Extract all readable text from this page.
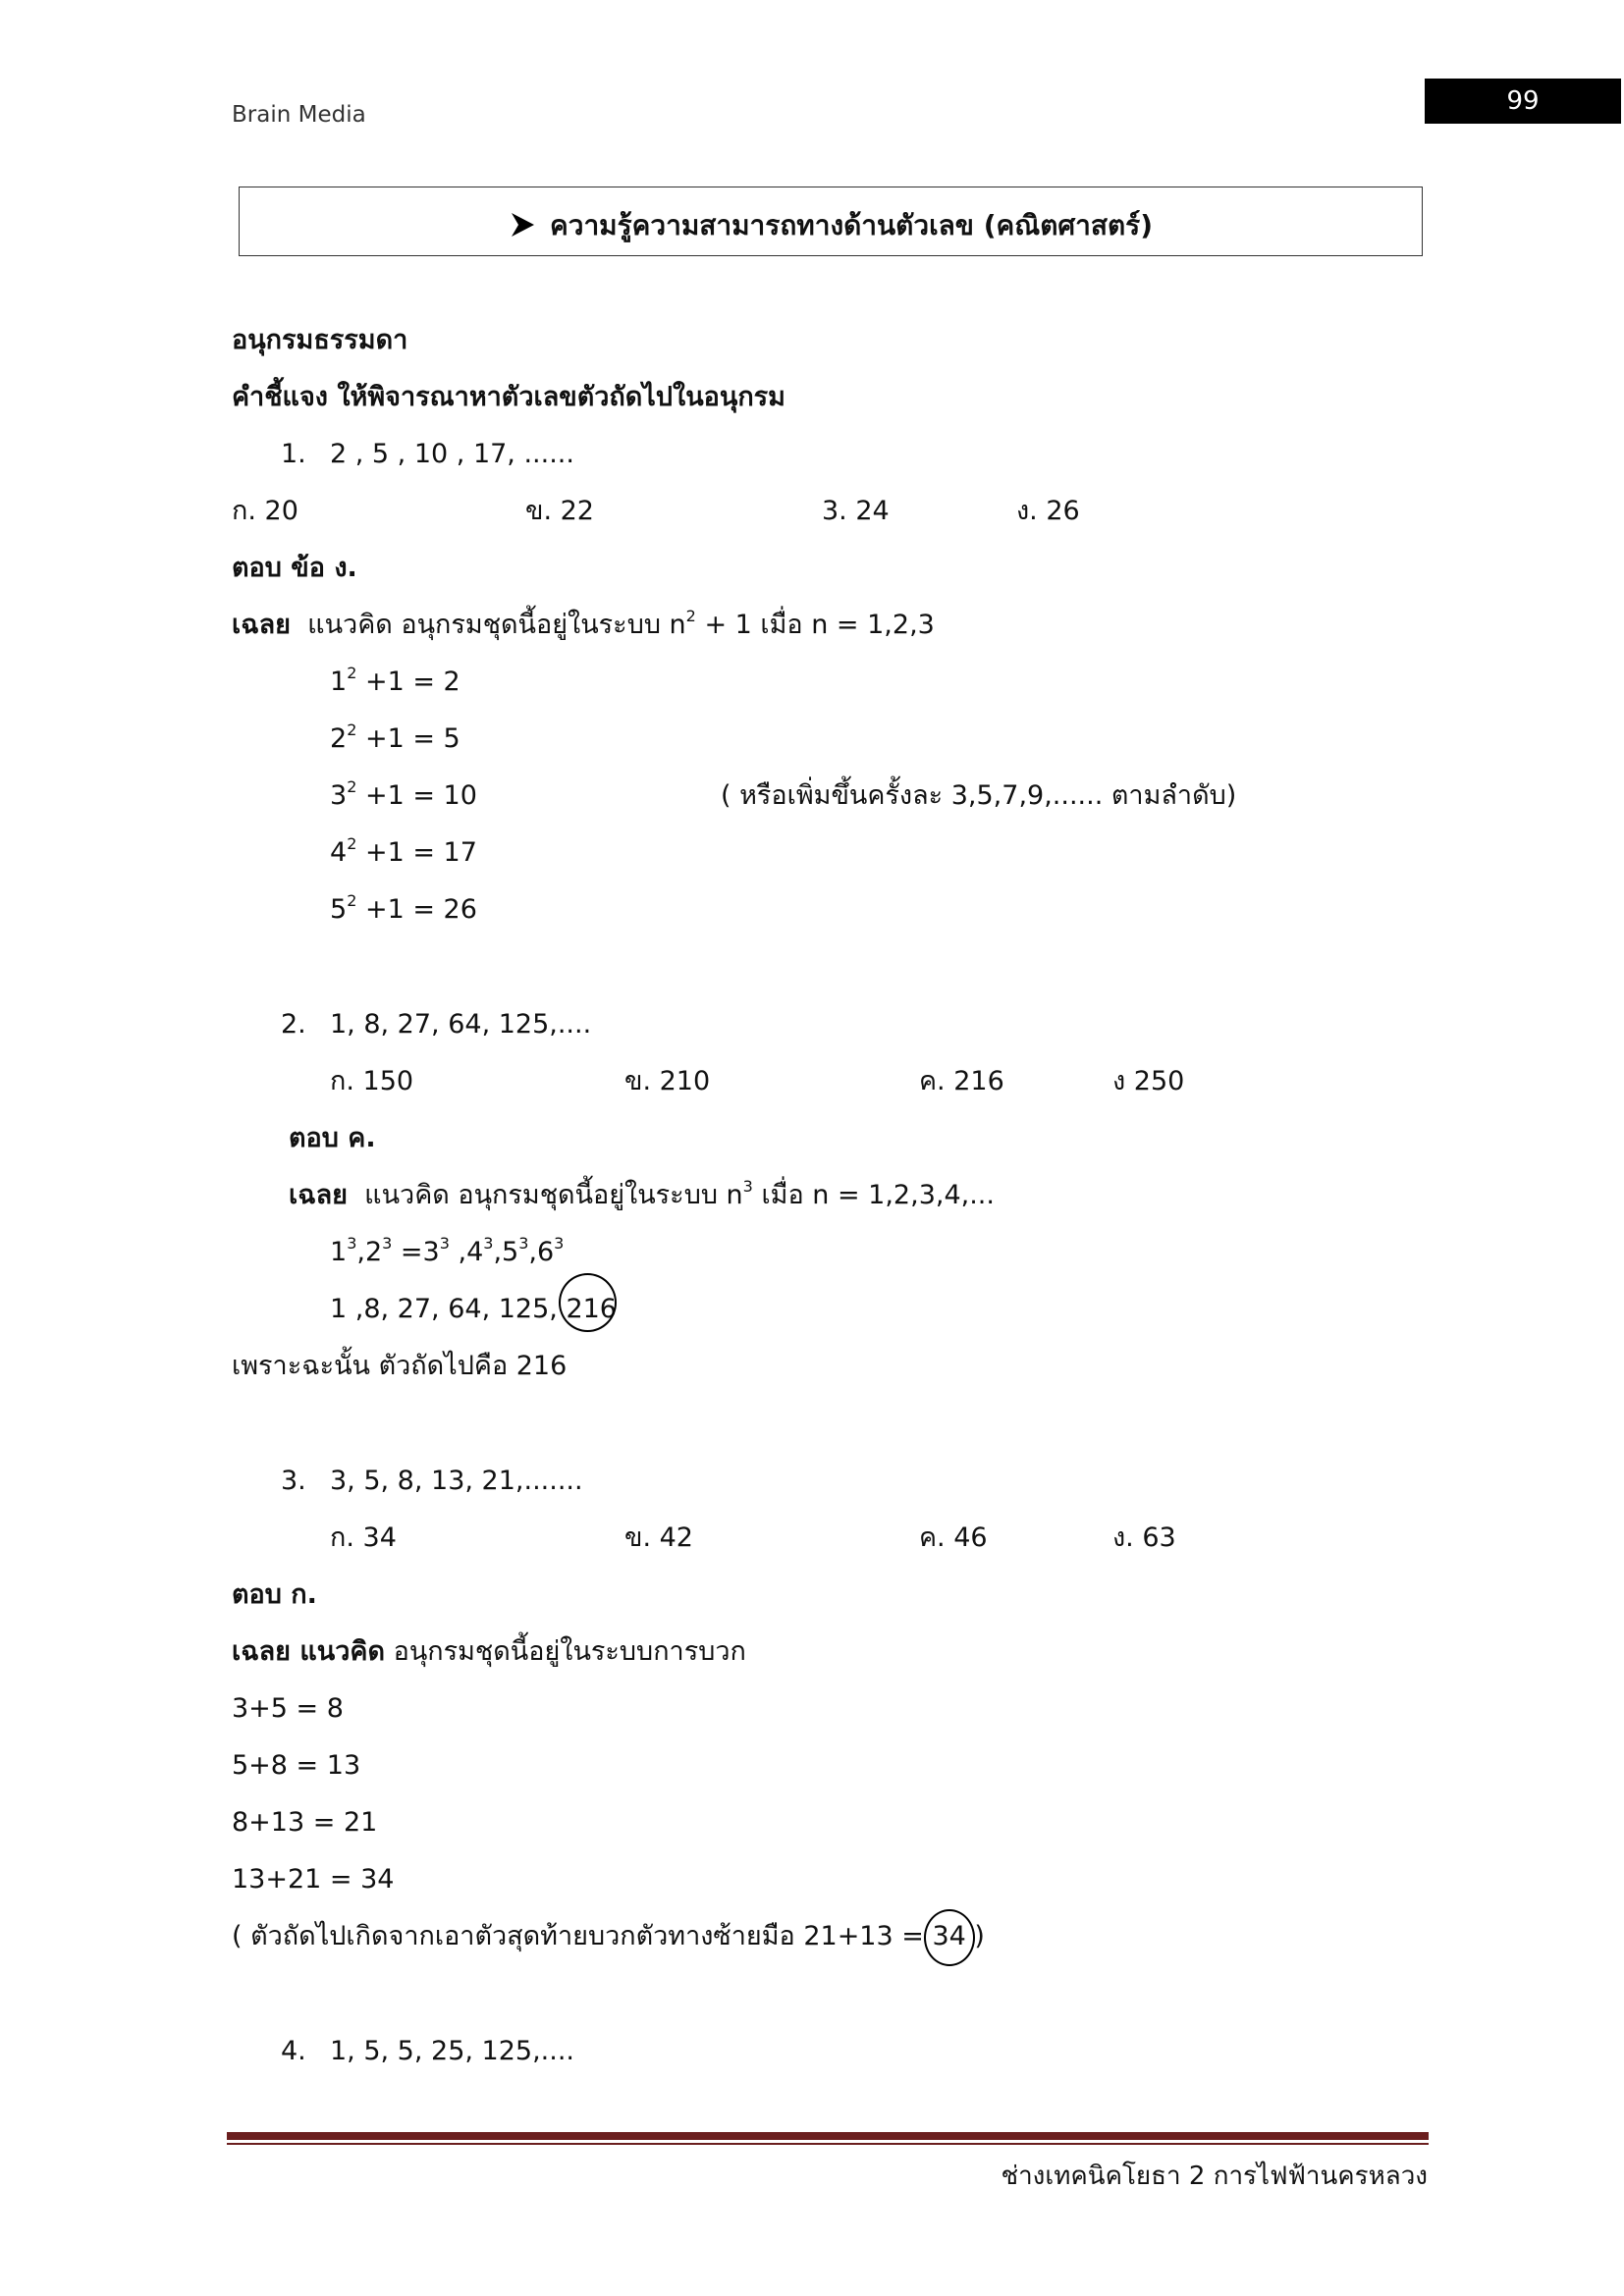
Brain Media	99
ความรู้ความสามารถทางด้านตัวเลข (คณิตศาสตร์)
อนุกรมธรรมดา
คำชี้แจง ให้พิจารณาหาตัวเลขตัวถัดไปในอนุกรม
1. 2 , 5 , 10 , 17, ......
ก. 20	ข. 22	3. 24	ง. 26
ตอบ ข้อ ง.
เฉลย แนวคิด อนุกรมชุดนี้อยู่ในระบบ $n^2 + 1$ เมื่อ n = 1,2,3
$1^2 +1 = 2$
$2^2 +1 = 5$
$3^2 +1 = 10$	( หรือเพิ่มขึ้นครั้งละ 3,5,7,9,...... ตามลำดับ)
$4^2 +1 = 17$
$5^2 +1 = 26$
2. 1, 8, 27, 64, 125,....
ก. 150	ข. 210	ค. 216	ง 250
ตอบ ค.
เฉลย แนวคิด อนุกรมชุดนี้อยู่ในระบบ $n^3$ เมื่อ n = 1,2,3,4,...
$1^3,2^3 =3^3$ $,4^3,5^3,6^3$
1 ,8, 27, 64, 125, 216
เพราะฉะนั้น ตัวถัดไปคือ 216
3. 3, 5, 8, 13, 21,.......
ก. 34	ข. 42	ค. 46	ง. 63
ตอบ ก.
เฉลย แนวคิด อนุกรมชุดนี้อยู่ในระบบการบวก
3+5 = 8
5+8 = 13
8+13 = 21
13+21 = 34
( ตัวถัดไปเกิดจากเอาตัวสุดท้ายบวกตัวทางซ้ายมือ 21+13 = 34 )
4. 1, 5, 5, 25, 125,....
ช่างเทคนิคโยธา 2 การไฟฟ้านครหลวง
